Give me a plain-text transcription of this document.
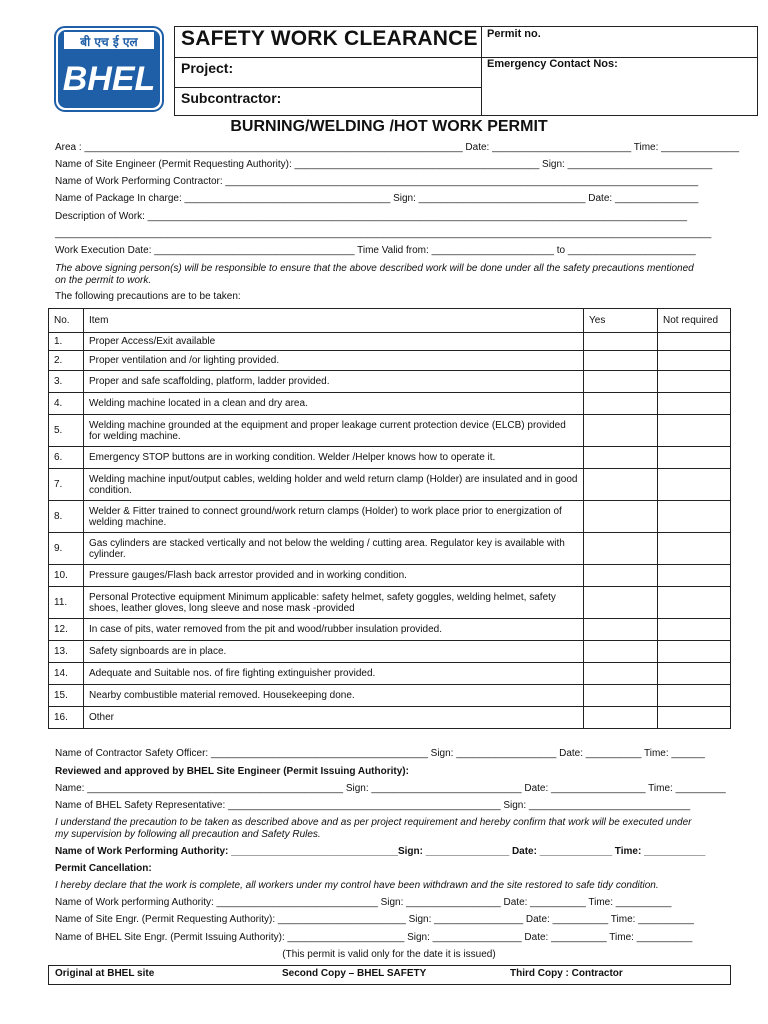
बी एच ई एल
BHEL
SAFETY WORK CLEARANCE
Project:
Subcontractor:
Permit no.
Emergency Contact Nos:
BURNING/WELDING /HOT WORK PERMIT
Area : ____________________________________________________________________ Date: _________________________ Time: ______________
Name of Site Engineer (Permit Requesting Authority): ____________________________________________ Sign: __________________________
Name of Work Performing Contractor: _____________________________________________________________________________________
Name of Package In charge: _____________________________________ Sign: ______________________________ Date: _______________
Description of Work: _________________________________________________________________________________________________
______________________________________________________________________________________________________________________
Work Execution Date: ____________________________________ Time Valid from: ______________________ to _______________________
The above signing person(s) will be responsible to ensure that the above described work will be done under all the safety precautions mentioned
on the permit to work.
The following precautions are to be taken:
No.	Item	Yes	Not required
1.	Proper Access/Exit available		
2.	Proper ventilation and /or lighting provided.		
3.	Proper and safe scaffolding, platform, ladder provided.		
4.	Welding machine located in a clean and dry area.		
5.	Welding machine grounded at the equipment and proper leakage current protection device (ELCB) provided for welding machine.		
6.	Emergency STOP buttons are in working condition. Welder /Helper knows how to operate it.		
7.	Welding machine input/output cables, welding holder and weld return clamp (Holder) are insulated and in good condition.		
8.	Welder & Fitter trained to connect ground/work return clamps (Holder) to work place prior to energization of welding machine.		
9.	Gas cylinders are stacked vertically and not below the welding / cutting area. Regulator key is available with cylinder.		
10.	Pressure gauges/Flash back arrestor provided and in working condition.		
11.	Personal Protective equipment Minimum applicable: safety helmet, safety goggles, welding helmet, safety shoes, leather gloves, long sleeve and nose mask -provided		
12.	In case of pits, water removed from the pit and wood/rubber insulation provided.		
13.	Safety signboards are in place.		
14.	Adequate and Suitable nos. of fire fighting extinguisher provided.		
15.	Nearby combustible material removed. Housekeeping done.		
16.	Other		
Name of Contractor Safety Officer: _______________________________________ Sign: __________________ Date: __________ Time: ______
Reviewed and approved by BHEL Site Engineer (Permit Issuing Authority):
Name: ______________________________________________ Sign: ___________________________ Date: _________________ Time: _________
Name of BHEL Safety Representative: _________________________________________________ Sign: _____________________________
I understand the precaution to be taken as described above and as per project requirement and hereby confirm that work will be executed under
my supervision by following all precaution and Safety Rules.
Name of Work Performing Authority: ______________________________Sign: _______________ Date: _____________ Time: ___________
Permit Cancellation:
I hereby declare that the work is complete, all workers under my control have been withdrawn and the site restored to safe tidy condition.
Name of Work performing Authority: _____________________________ Sign: _________________ Date: __________ Time: __________
Name of Site Engr. (Permit Requesting Authority): _______________________ Sign: ________________ Date: __________ Time: __________
Name of BHEL Site Engr. (Permit Issuing Authority): _____________________ Sign: ________________ Date: __________ Time: __________
(This permit is valid only for the date it is issued)
Original at BHEL site	Second Copy – BHEL SAFETY	Third Copy : Contractor
